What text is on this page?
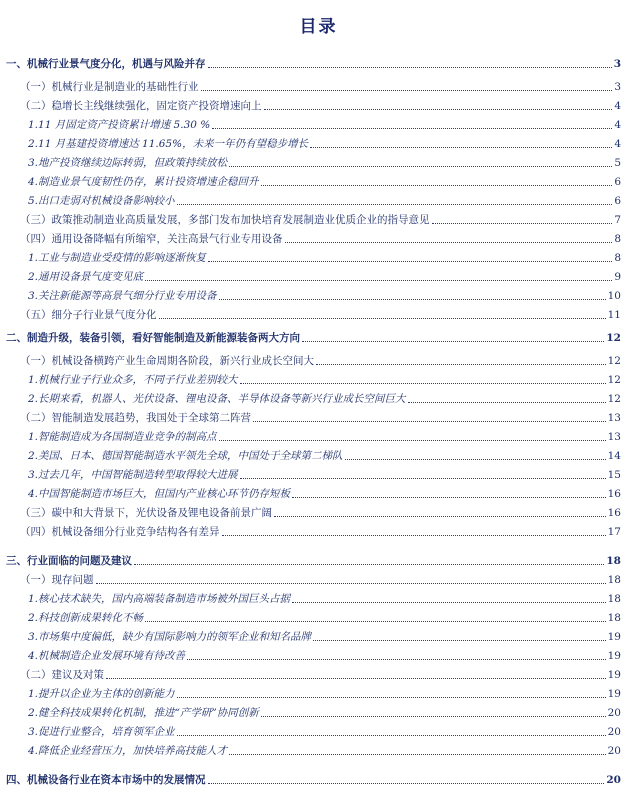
目录
一、机械行业景气度分化，机遇与风险并存	3
（一）机械行业是制造业的基础性行业	3
（二）稳增长主线继续强化，固定资产投资增速向上	4
1.11 月固定资产投资累计增速 5.30 %	4
2.11 月基建投资增速达 11.65%，未来一年仍有望稳步增长	4
3.地产投资继续边际转弱，但政策持续放松	5
4.制造业景气度韧性仍存，累计投资增速企稳回升	6
5.出口走弱对机械设备影响较小	6
（三）政策推动制造业高质量发展，多部门发布加快培育发展制造业优质企业的指导意见	7
（四）通用设备降幅有所缩窄，关注高景气行业专用设备	8
1.工业与制造业受疫情的影响逐渐恢复	8
2.通用设备景气度变见底	9
3.关注新能源等高景气细分行业专用设备	10
（五）细分子行业景气度分化	11
二、制造升级，装备引领，看好智能制造及新能源装备两大方向	12
（一）机械设备横跨产业生命周期各阶段，新兴行业成长空间大	12
1.机械行业子行业众多，不同子行业差别较大	12
2.长期来看，机器人、光伏设备、锂电设备、半导体设备等新兴行业成长空间巨大	12
（二）智能制造发展趋势，我国处于全球第二阵营	13
1.智能制造成为各国制造业竞争的制高点	13
2.美国、日本、德国智能制造水平领先全球，中国处于全球第二梯队	14
3.过去几年，中国智能制造转型取得较大进展	15
4.中国智能制造市场巨大，但国内产业核心环节仍存短板	16
（三）碳中和大背景下，光伏设备及锂电设备前景广阔	16
（四）机械设备细分行业竞争结构各有差异	17
三、行业面临的问题及建议	18
（一）现存问题	18
1.核心技术缺失，国内高端装备制造市场被外国巨头占据	18
2.科技创新成果转化不畅	18
3.市场集中度偏低，缺少有国际影响力的领军企业和知名品牌	19
4.机械制造企业发展环境有待改善	19
（二）建议及对策	19
1.提升以企业为主体的创新能力	19
2.健全科技成果转化机制，推进“产学研”协同创新	20
3.促进行业整合，培育领军企业	20
4.降低企业经营压力，加快培养高技能人才	20
四、机械设备行业在资本市场中的发展情况	20
